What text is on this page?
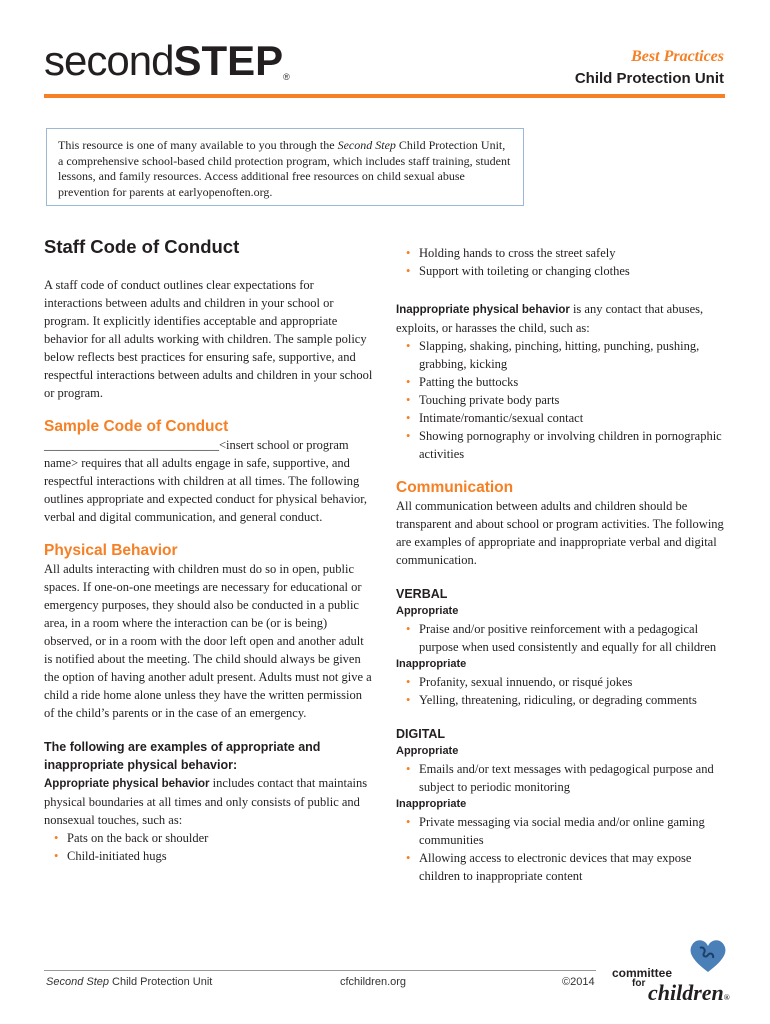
secondSTEP®
Best Practices
Child Protection Unit
This resource is one of many available to you through the Second Step Child Protection Unit, a comprehensive school-based child protection program, which includes staff training, student lessons, and family resources. Access additional free resources on child sexual abuse prevention for parents at earlyopenoften.org.
Staff Code of Conduct

A staff code of conduct outlines clear expectations for interactions between adults and children in your school or program. It explicitly identifies acceptable and appropriate behavior for all adults working with children. The sample policy below reflects best practices for ensuring safe, supportive, and respectful interactions between adults and children in your school or program.

Sample Code of Conduct

____________________________<insert school or program name> requires that all adults engage in safe, supportive, and respectful interactions with children at all times. The following outlines appropriate and expected conduct for physical behavior, verbal and digital communication, and general conduct.

Physical Behavior

All adults interacting with children must do so in open, public spaces. If one-on-one meetings are necessary for educational or emergency purposes, they should also be conducted in a public area, in a room where the interaction can be (or is being) observed, or in a room with the door left open and another adult is notified about the meeting. The child should always be given the option of having another adult present. Adults must not give a child a ride home alone unless they have the written permission of the child’s parents or in the case of an emergency.

The following are examples of appropriate and inappropriate physical behavior:

Appropriate physical behavior includes contact that maintains physical boundaries at all times and only consists of public and nonsexual touches, such as:

• Pats on the back or shoulder
• Child-initiated hugs
• Holding hands to cross the street safely
• Support with toileting or changing clothes

Inappropriate physical behavior is any contact that abuses, exploits, or harasses the child, such as:

• Slapping, shaking, pinching, hitting, punching, pushing, grabbing, kicking
• Patting the buttocks
• Touching private body parts
• Intimate/romantic/sexual contact
• Showing pornography or involving children in pornographic activities
Communication

All communication between adults and children should be transparent and about school or program activities. The following are examples of appropriate and inappropriate verbal and digital communication.

VERBAL
Appropriate
• Praise and/or positive reinforcement with a pedagogical purpose when used consistently and equally for all children
Inappropriate
• Profanity, sexual innuendo, or risqué jokes
• Yelling, threatening, ridiculing, or degrading comments
DIGITAL
Appropriate
• Emails and/or text messages with pedagogical purpose and subject to periodic monitoring
Inappropriate
• Private messaging via social media and/or online gaming communities
• Allowing access to electronic devices that may expose children to inappropriate content
Second Step Child Protection Unit	cfchildren.org	©2014
committee
for children®
